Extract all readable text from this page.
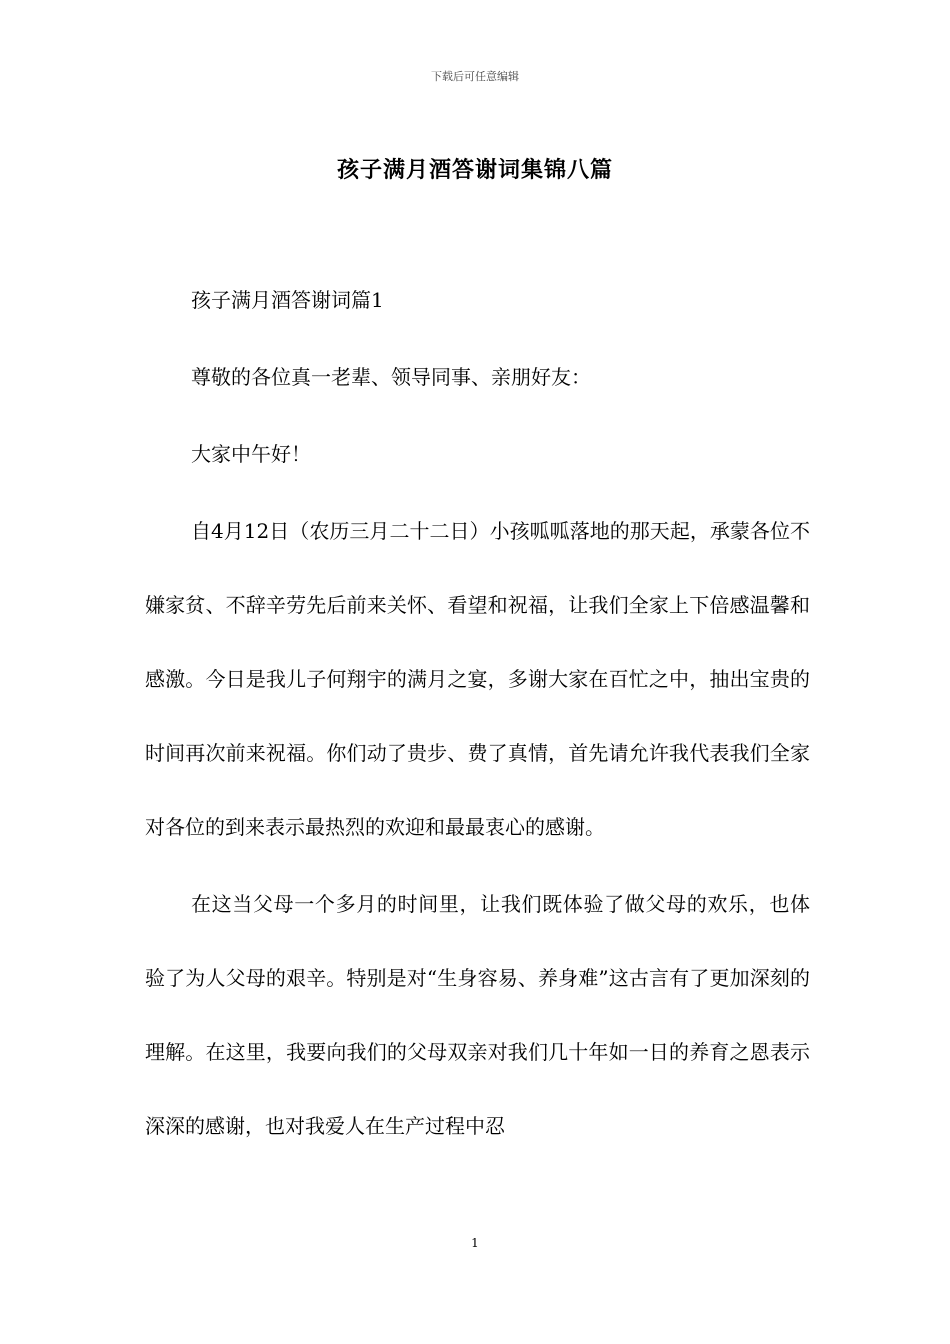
下载后可任意编辑
孩子满月酒答谢词集锦八篇

孩子满月酒答谢词篇1

尊敬的各位真一老辈、领导同事、亲朋好友：

大家中午好！

自4月12日（农历三月二十二日）小孩呱呱落地的那天起，承蒙各位不嫌家贫、不辞辛劳先后前来关怀、看望和祝福，让我们全家上下倍感温馨和感激。今日是我儿子何翔宇的满月之宴，多谢大家在百忙之中，抽出宝贵的时间再次前来祝福。你们动了贵步、费了真情，首先请允许我代表我们全家对各位的到来表示最热烈的欢迎和最最衷心的感谢。

在这当父母一个多月的时间里，让我们既体验了做父母的欢乐，也体验了为人父母的艰辛。特别是对“生身容易、养身难”这古言有了更加深刻的理解。在这里，我要向我们的父母双亲对我们几十年如一日的养育之恩表示深深的感谢，也对我爱人在生产过程中忍

1
